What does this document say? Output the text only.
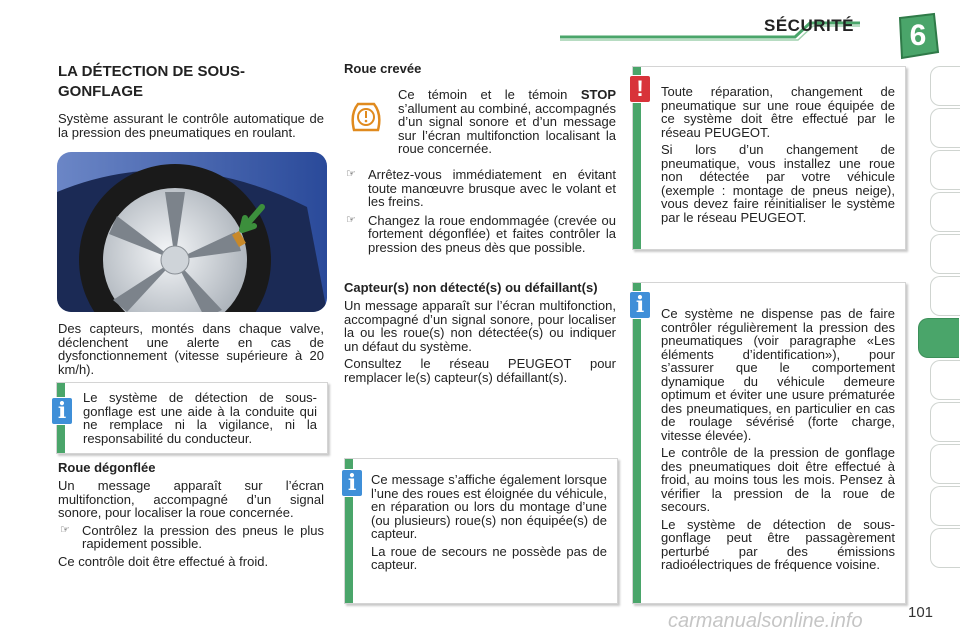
SÉCURITÉ	6
LA DÉTECTION DE SOUS-
GONFLAGE

Système assurant le contrôle automatique de la pression des pneumatiques en roulant.

Des capteurs, montés dans chaque valve, déclenchent une alerte en cas de dysfonctionnement (vitesse supérieure à 20 km/h).

i
Le système de détection de sous-gonflage est une aide à la conduite qui ne remplace ni la vigilance, ni la responsabilité du conducteur.
Roue dégonflée

Un message apparaît sur l’écran multifonction, accompagné d’un signal sonore, pour localiser la roue concernée.

☞ Contrôlez la pression des pneus le plus rapidement possible.

Ce contrôle doit être effectué à froid.

Roue crevée

Ce témoin et le témoin STOP s’allument au combiné, accompagnés d’un signal sonore et d’un message sur l’écran multifonction localisant la roue concernée.

☞ Arrêtez-vous immédiatement en évitant toute manœuvre brusque avec le volant et les freins.

☞ Changez la roue endommagée (crevée ou fortement dégonflée) et faites contrôler la pression des pneus dès que possible.

Capteur(s) non détecté(s) ou défaillant(s)

Un message apparaît sur l’écran multifonction, accompagné d’un signal sonore, pour localiser la ou les roue(s) non détectée(s) ou indiquer un défaut du système.

Consultez le réseau PEUGEOT pour remplacer le(s) capteur(s) défaillant(s).

i	Ce message s’affiche également lorsque l’une des roues est éloignée du véhicule, en réparation ou lors du montage d’une (ou plusieurs) roue(s) non équipée(s) de capteur.

La roue de secours ne possède pas de capteur.

!	Toute réparation, changement de pneumatique sur une roue équipée de ce système doit être effectué par le réseau PEUGEOT.

Si lors d’un changement de pneumatique, vous installez une roue non détectée par votre véhicule (exemple : montage de pneus neige), vous devez faire réinitialiser le système par le réseau PEUGEOT.

i	Ce système ne dispense pas de faire contrôler régulièrement la pression des pneumatiques (voir paragraphe «Les éléments d’identification»), pour s’assurer que le comportement dynamique du véhicule demeure optimum et éviter une usure prématurée des pneumatiques, en particulier en cas de roulage sévérisé (forte charge, vitesse élevée).

Le contrôle de la pression de gonflage des pneumatiques doit être effectué à froid, au moins tous les mois. Pensez à vérifier la pression de la roue de secours.

Le système de détection de sous-gonflage peut être passagèrement perturbé par des émissions radioélectriques de fréquence voisine.

carmanualsonline.info	101
